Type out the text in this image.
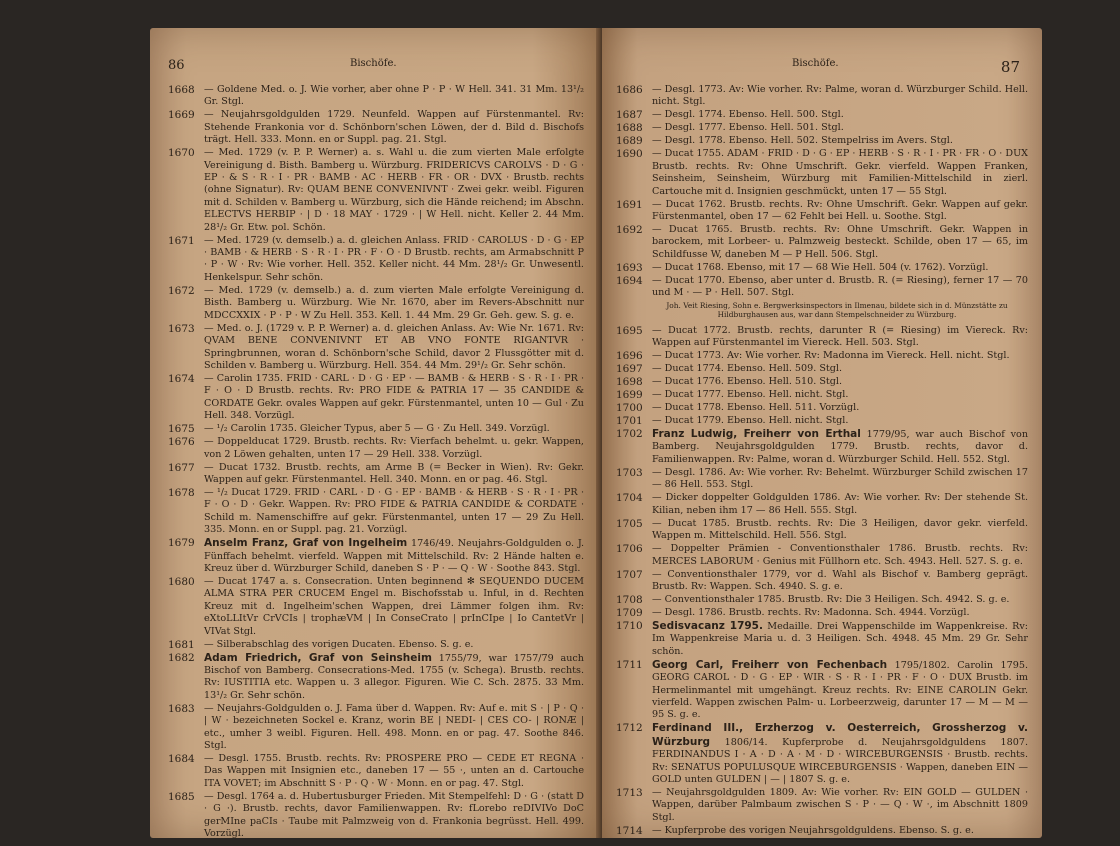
86	Bischöfe.
1668 — Goldene Med. o. J. Wie vorher, aber ohne P · P · W Hell. 341. 31 Mm. 13¹/₂ Gr. Stgl.
1669 — Neujahrsgoldgulden 1729. Neunfeld. Wappen auf Fürstenmantel. Rv: Stehende Frankonia vor d. Schönborn'schen Löwen, der d. Bild d. Bischofs trägt. Hell. 333. Monn. en or Suppl. pag. 21. Stgl.
1670 — Med. 1729 (v. P. P. Werner) a. s. Wahl u. die zum vierten Male erfolgte Vereinigung d. Bisth. Bamberg u. Würzburg. FRIDERICVS CAROLVS · D · G · EP · & S · R · I · PR · BAMB · AC · HERB · FR · OR · DVX · Brustb. rechts (ohne Signatur). Rv: QUAM BENE CONVENIVNT · Zwei gekr. weibl. Figuren mit d. Schilden v. Bamberg u. Würzburg, sich die Hände reichend; im Abschn. ELECTVS HERBIP · | D · 18 MAY · 1729 · | W Hell. nicht. Keller 2. 44 Mm. 28¹/₂ Gr. Etw. pol. Schön.
1671 — Med. 1729 (v. demselb.) a. d. gleichen Anlass. FRID · CAROLUS · D · G · EP · BAMB · & HERB · S · R · I · PR · F · O · D Brustb. rechts, am Armabschnitt P · P · W · Rv: Wie vorher. Hell. 352. Keller nicht. 44 Mm. 28¹/₂ Gr. Unwesentl. Henkelspur. Sehr schön.
1672 — Med. 1729 (v. demselb.) a. d. zum vierten Male erfolgte Vereinigung d. Bisth. Bamberg u. Würzburg. Wie Nr. 1670, aber im Revers-Abschnitt nur MDCCXXIX · P · P · W Zu Hell. 353. Kell. 1. 44 Mm. 29 Gr. Geh. gew. S. g. e.
1673 — Med. o. J. (1729 v. P. P. Werner) a. d. gleichen Anlass. Av: Wie Nr. 1671. Rv: QVAM BENE CONVENIVNT ET AB VNO FONTE RIGANTVR · Springbrunnen, woran d. Schönborn'sche Schild, davor 2 Flussgötter mit d. Schilden v. Bamberg u. Würzburg. Hell. 354. 44 Mm. 29¹/₂ Gr. Sehr schön.
1674 — Carolin 1735. FRID · CARL · D · G · EP · — BAMB · & HERB · S · R · I · PR · F · O · D Brustb. rechts. Rv: PRO FIDE & PATRIA 17 — 35 CANDIDE & CORDATE Gekr. ovales Wappen auf gekr. Fürstenmantel, unten 10 — Gul · Zu Hell. 348. Vorzügl.
1675 — ¹/₂ Carolin 1735. Gleicher Typus, aber 5 — G · Zu Hell. 349. Vorzügl.
1676 — Doppelducat 1729. Brustb. rechts. Rv: Vierfach behelmt. u. gekr. Wappen, von 2 Löwen gehalten, unten 17 — 29 Hell. 338. Vorzügl.
1677 — Ducat 1732. Brustb. rechts, am Arme B (= Becker in Wien). Rv: Gekr. Wappen auf gekr. Fürstenmantel. Hell. 340. Monn. en or pag. 46. Stgl.
1678 — ¹/₂ Ducat 1729. FRID · CARL · D · G · EP · BAMB · & HERB · S · R · I · PR · F · O · D · Gekr. Wappen. Rv: PRO FIDE & PATRIA CANDIDE & CORDATE · Schild m. Namenschiffre auf gekr. Fürstenmantel, unten 17 — 29 Zu Hell. 335. Monn. en or Suppl. pag. 21. Vorzügl.
1679 Anselm Franz, Graf von Ingelheim 1746/49. Neujahrs-Goldgulden o. J. Fünffach behelmt. vierfeld. Wappen mit Mittelschild. Rv: 2 Hände halten e. Kreuz über d. Würzburger Schild, daneben S · P · — Q · W · Soothe 843. Stgl.
1680 — Ducat 1747 a. s. Consecration. Unten beginnend ✻ SEQUENDO DUCEM ALMA STRA PER CRUCEM Engel m. Bischofsstab u. Inful, in d. Rechten Kreuz mit d. Ingelheim'schen Wappen, drei Lämmer folgen ihm. Rv: eXtoLLItVr CrVCIs | trophæVM | In ConseCrato | prInCIpe | Io CantetVr | VIVat Stgl.
1681 — Silberabschlag des vorigen Ducaten. Ebenso. S. g. e.
1682 Adam Friedrich, Graf von Seinsheim 1755/79, war 1757/79 auch Bischof von Bamberg. Consecrations-Med. 1755 (v. Schega). Brustb. rechts. Rv: IUSTITIA etc. Wappen u. 3 allegor. Figuren. Wie C. Sch. 2875. 33 Mm. 13¹/₂ Gr. Sehr schön.
1683 — Neujahrs-Goldgulden o. J. Fama über d. Wappen. Rv: Auf e. mit S · | P · Q · | W · bezeichneten Sockel e. Kranz, worin BE | NEDI- | CES CO- | RONÆ | etc., umher 3 weibl. Figuren. Hell. 498. Monn. en or pag. 47. Soothe 846. Stgl.
1684 — Desgl. 1755. Brustb. rechts. Rv: PROSPERE PRO — CEDE ET REGNA · Das Wappen mit Insignien etc., daneben 17 — 55 ·, unten an d. Cartouche ITA VOVET; im Abschnitt S · P · Q · W · Monn. en or pag. 47. Stgl.
1685 — Desgl. 1764 a. d. Hubertusburger Frieden. Mit Stempelfehl: D · G · (statt D · G ·). Brustb. rechts, davor Familienwappen. Rv: fLorebo reDIVIVo DoC gerMIne paCIs · Taube mit Palmzweig von d. Frankonia begrüsst. Hell. 499. Vorzügl.
Bischöfe.	87
1686 — Desgl. 1773. Av: Wie vorher. Rv: Palme, woran d. Würzburger Schild. Hell. nicht. Stgl.
1687 — Desgl. 1774. Ebenso. Hell. 500. Stgl.
1688 — Desgl. 1777. Ebenso. Hell. 501. Stgl.
1689 — Desgl. 1778. Ebenso. Hell. 502. Stempelriss im Avers. Stgl.
1690 — Ducat 1755. ADAM · FRID · D · G · EP · HERB · S · R · I · PR · FR · O · DUX Brustb. rechts. Rv: Ohne Umschrift. Gekr. vierfeld. Wappen Franken, Seinsheim, Seinsheim, Würzburg mit Familien-Mittelschild in zierl. Cartouche mit d. Insignien geschmückt, unten 17 — 55 Stgl.
1691 — Ducat 1762. Brustb. rechts. Rv: Ohne Umschrift. Gekr. Wappen auf gekr. Fürstenmantel, oben 17 — 62 Fehlt bei Hell. u. Soothe. Stgl.
1692 — Ducat 1765. Brustb. rechts. Rv: Ohne Umschrift. Gekr. Wappen in barockem, mit Lorbeer- u. Palmzweig besteckt. Schilde, oben 17 — 65, im Schildfusse W, daneben M — P Hell. 506. Stgl.
1693 — Ducat 1768. Ebenso, mit 17 — 68 Wie Hell. 504 (v. 1762). Vorzügl.
1694 — Ducat 1770. Ebenso, aber unter d. Brustb. R. (= Riesing), ferner 17 — 70 und M · — P · Hell. 507. Stgl.
Joh. Veit Riesing, Sohn e. Bergwerksinspectors in Ilmenau, bildete sich in d. Münzstätte zu Hildburghausen aus, war dann Stempelschneider zu Würzburg.
1695 — Ducat 1772. Brustb. rechts, darunter R (= Riesing) im Viereck. Rv: Wappen auf Fürstenmantel im Viereck. Hell. 503. Stgl.
1696 — Ducat 1773. Av: Wie vorher. Rv: Madonna im Viereck. Hell. nicht. Stgl.
1697 — Ducat 1774. Ebenso. Hell. 509. Stgl.
1698 — Ducat 1776. Ebenso. Hell. 510. Stgl.
1699 — Ducat 1777. Ebenso. Hell. nicht. Stgl.
1700 — Ducat 1778. Ebenso. Hell. 511. Vorzügl.
1701 — Ducat 1779. Ebenso. Hell. nicht. Stgl.
1702 Franz Ludwig, Freiherr von Erthal 1779/95, war auch Bischof von Bamberg. Neujahrsgoldgulden 1779. Brustb. rechts, davor d. Familienwappen. Rv: Palme, woran d. Würzburger Schild. Hell. 552. Stgl.
1703 — Desgl. 1786. Av: Wie vorher. Rv: Behelmt. Würzburger Schild zwischen 17 — 86 Hell. 553. Stgl.
1704 — Dicker doppelter Goldgulden 1786. Av: Wie vorher. Rv: Der stehende St. Kilian, neben ihm 17 — 86 Hell. 555. Stgl.
1705 — Ducat 1785. Brustb. rechts. Rv: Die 3 Heiligen, davor gekr. vierfeld. Wappen m. Mittelschild. Hell. 556. Stgl.
1706 — Doppelter Prämien - Conventionsthaler 1786. Brustb. rechts. Rv: MERCES LABORUM · Genius mit Füllhorn etc. Sch. 4943. Hell. 527. S. g. e.
1707 — Conventionsthaler 1779, vor d. Wahl als Bischof v. Bamberg geprägt. Brustb. Rv: Wappen. Sch. 4940. S. g. e.
1708 — Conventionsthaler 1785. Brustb. Rv: Die 3 Heiligen. Sch. 4942. S. g. e.
1709 — Desgl. 1786. Brustb. rechts. Rv: Madonna. Sch. 4944. Vorzügl.
1710 Sedisvacanz 1795. Medaille. Drei Wappenschilde im Wappenkreise. Rv: Im Wappenkreise Maria u. d. 3 Heiligen. Sch. 4948. 45 Mm. 29 Gr. Sehr schön.
1711 Georg Carl, Freiherr von Fechenbach 1795/1802. Carolin 1795. GEORG CAROL · D · G · EP · WIR · S · R · I · PR · F · O · DUX Brustb. im Hermelinmantel mit umgehängt. Kreuz rechts. Rv: EINE CAROLIN Gekr. vierfeld. Wappen zwischen Palm- u. Lorbeerzweig, darunter 17 — M — M — 95 S. g. e.
1712 Ferdinand III., Erzherzog v. Oesterreich, Grossherzog v. Würzburg 1806/14. Kupferprobe d. Neujahrsgoldguldens 1807. FERDINANDUS I · A · D · A · M · D · WIRCEBURGENSIS · Brustb. rechts. Rv: SENATUS POPULUSQUE WIRCEBURGENSIS · Wappen, daneben EIN — GOLD unten GULDEN | — | 1807 S. g. e.
1713 — Neujahrsgoldgulden 1809. Av: Wie vorher. Rv: EIN GOLD — GULDEN · Wappen, darüber Palmbaum zwischen S · P · — Q · W ·, im Abschnitt 1809 Stgl.
1714 — Kupferprobe des vorigen Neujahrsgoldguldens. Ebenso. S. g. e.
